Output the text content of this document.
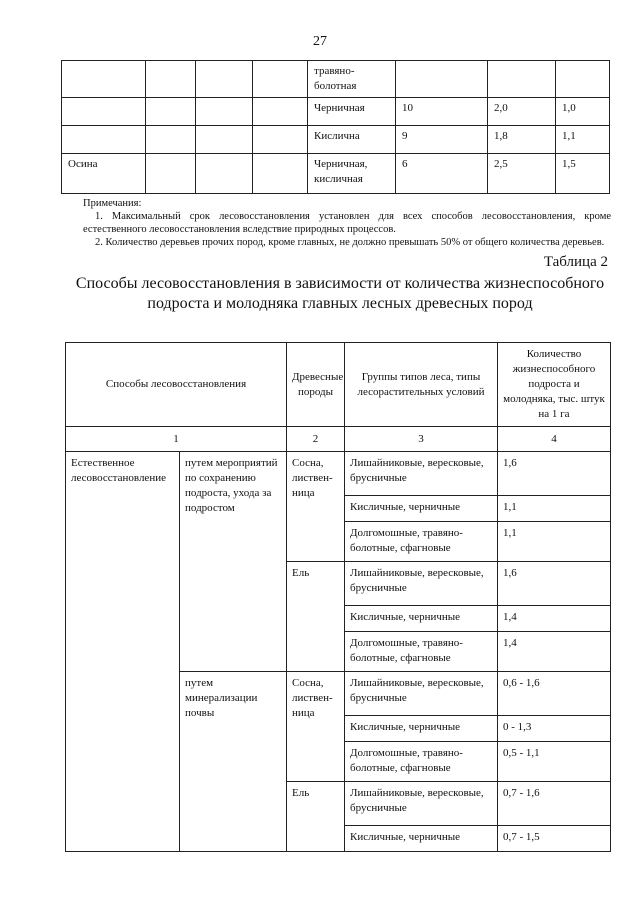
27
				травяно-болотная			
				Черничная	10	2,0	1,0
				Кислична	9	1,8	1,1
Осина				Черничная, кисличная	6	2,5	1,5

Примечания:

1. Максимальный срок лесовосстановления установлен для всех способов лесовосстановления, кроме естественного лесовосстановления вследствие природных процессов.

2. Количество деревьев прочих пород, кроме главных, не должно превышать 50% от общего количества деревьев.

Таблица 2
Способы лесовосстановления в зависимости от количества жизнеспособного подроста и молодняка главных лесных древесных пород
Способы лесовосстановления		Древесные породы	Группы типов леса, типы лесорастительных условий	Количество жизнеспособного подроста и молодняка, тыс. штук на 1 га
1		2	3	4
Естественное лесовосстановление	путем мероприятий по сохранению подроста, ухода за подростом	Сосна, листвен-ница	Лишайниковые, вересковые, брусничные	1,6
			Кисличные, черничные	1,1
			Долгомошные, травяно-болотные, сфагновые	1,1
		Ель	Лишайниковые, вересковые, брусничные	1,6
			Кисличные, черничные	1,4
			Долгомошные, травяно-болотные, сфагновые	1,4
	путем минерализации почвы	Сосна, листвен-ница	Лишайниковые, вересковые, брусничные	0,6 - 1,6
			Кисличные, черничные	0 - 1,3
			Долгомошные, травяно-болотные, сфагновые	0,5 - 1,1
		Ель	Лишайниковые, вересковые, брусничные	0,7 - 1,6
			Кисличные, черничные	0,7 - 1,5
